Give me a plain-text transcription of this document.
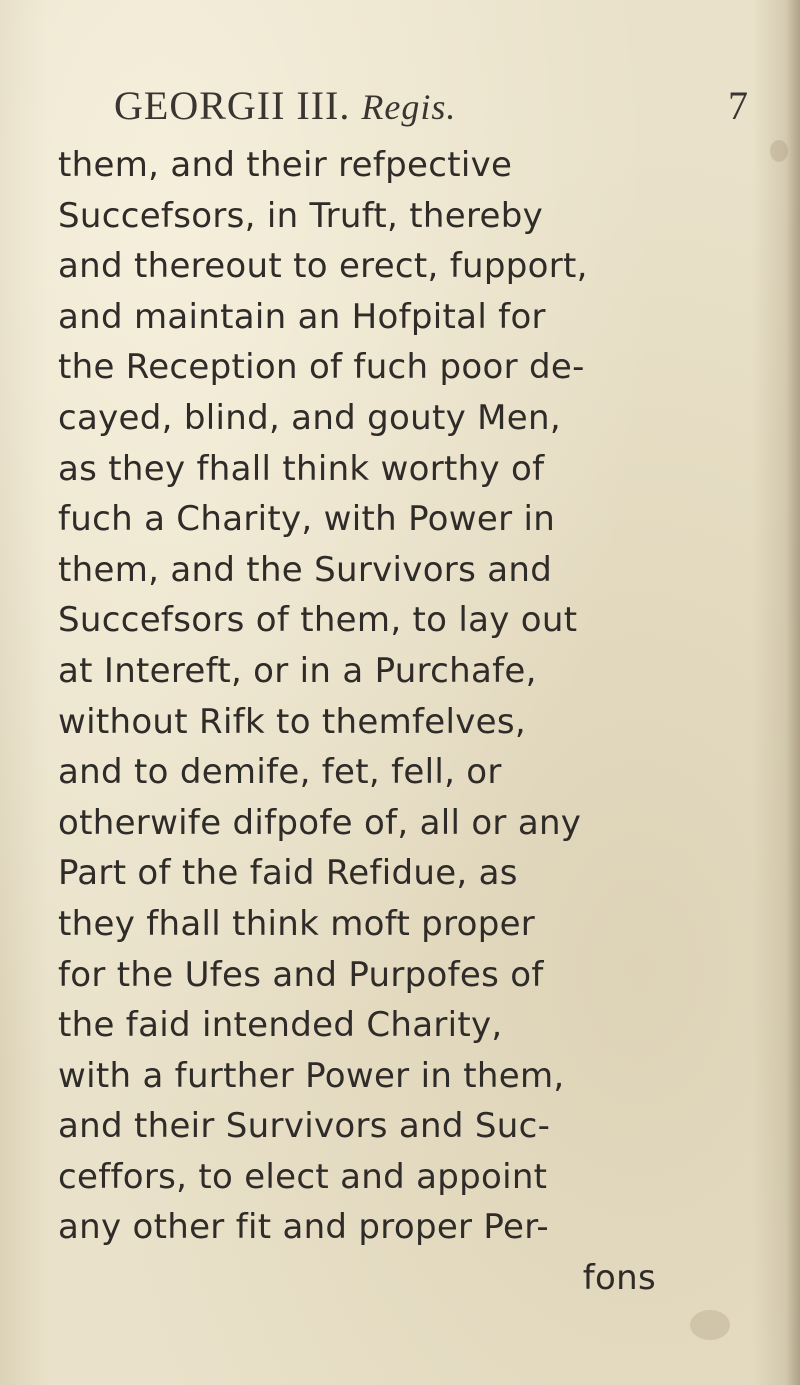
GEORGII III. Regis.	7
them, and their refpective
Succefsors, in Truft, thereby
and thereout to erect, fupport,
and maintain an Hofpital for
the Reception of fuch poor de-
cayed, blind, and gouty Men,
as they fhall think worthy of
fuch a Charity, with Power in
them, and the Survivors and
Succefsors of them, to lay out
at Intereft, or in a Purchafe,
without Rifk to themfelves,
and to demife, fet, fell, or
otherwife difpofe of, all or any
Part of the faid Refidue, as
they fhall think moft proper
for the Ufes and Purpofes of
the faid intended Charity,
with a further Power in them,
and their Survivors and Suc-
ceffors, to elect and appoint
any other fit and proper Per-
fons
